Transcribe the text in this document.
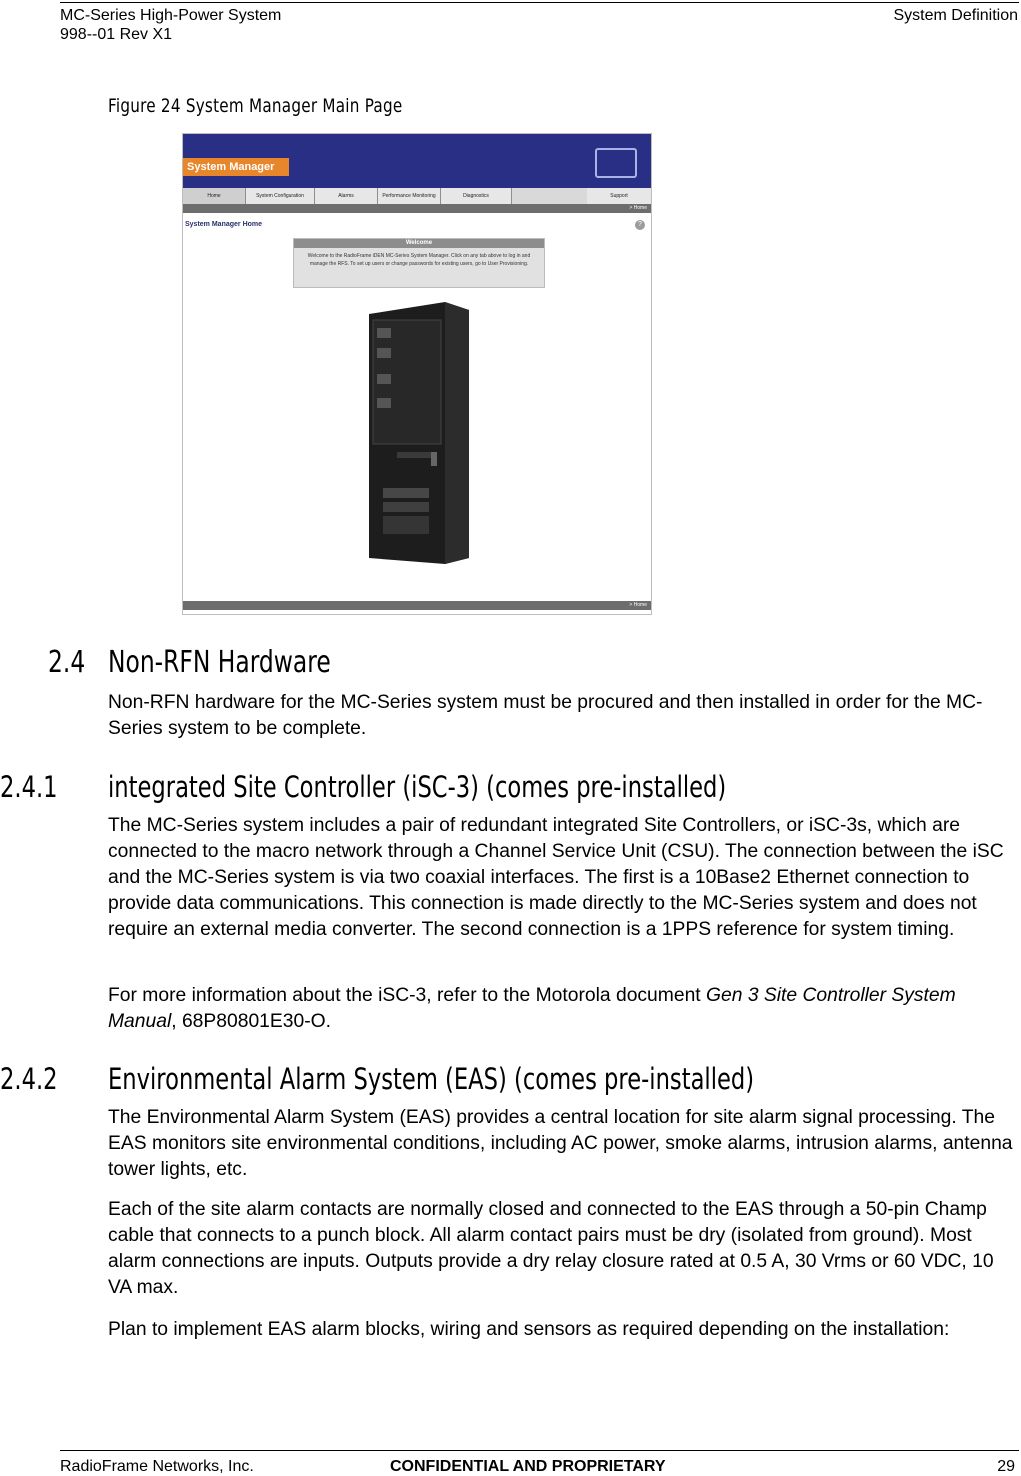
MC-Series High-Power System
998--01 Rev X1
System Definition
Figure 24 System Manager Main Page
System Manager
Home	System Configuration	Alarms	Performance Monitoring	Diagnostics	Support
> Home
System Manager Home	?
Welcome
Welcome to the RadioFrame iDEN MC-Series System Manager. Click on any tab above to log in and manage the RFS. To set up users or change passwords for existing users, go to User Provisioning.
> Home
2.4 Non-RFN Hardware
Non-RFN hardware for the MC-Series system must be procured and then installed in order for the MC-Series system to be complete.
2.4.1 integrated Site Controller (iSC-3) (comes pre-installed)
The MC-Series system includes a pair of redundant integrated Site Controllers, or iSC-3s, which are connected to the macro network through a Channel Service Unit (CSU). The connection between the iSC and the MC-Series system is via two coaxial interfaces. The first is a 10Base2 Ethernet connection to provide data communications. This connection is made directly to the MC-Series system and does not require an external media converter. The second connection is a 1PPS reference for system timing.
For more information about the iSC-3, refer to the Motorola document Gen 3 Site Controller System Manual, 68P80801E30-O.
2.4.2 Environmental Alarm System (EAS) (comes pre-installed)
The Environmental Alarm System (EAS) provides a central location for site alarm signal processing. The EAS monitors site environmental conditions, including AC power, smoke alarms, intrusion alarms, antenna tower lights, etc.
Each of the site alarm contacts are normally closed and connected to the EAS through a 50-pin Champ cable that connects to a punch block. All alarm contact pairs must be dry (isolated from ground). Most alarm connections are inputs. Outputs provide a dry relay closure rated at 0.5 A, 30 Vrms or 60 VDC, 10 VA max.
Plan to implement EAS alarm blocks, wiring and sensors as required depending on the installation:
RadioFrame Networks, Inc.	CONFIDENTIAL AND PROPRIETARY	29
